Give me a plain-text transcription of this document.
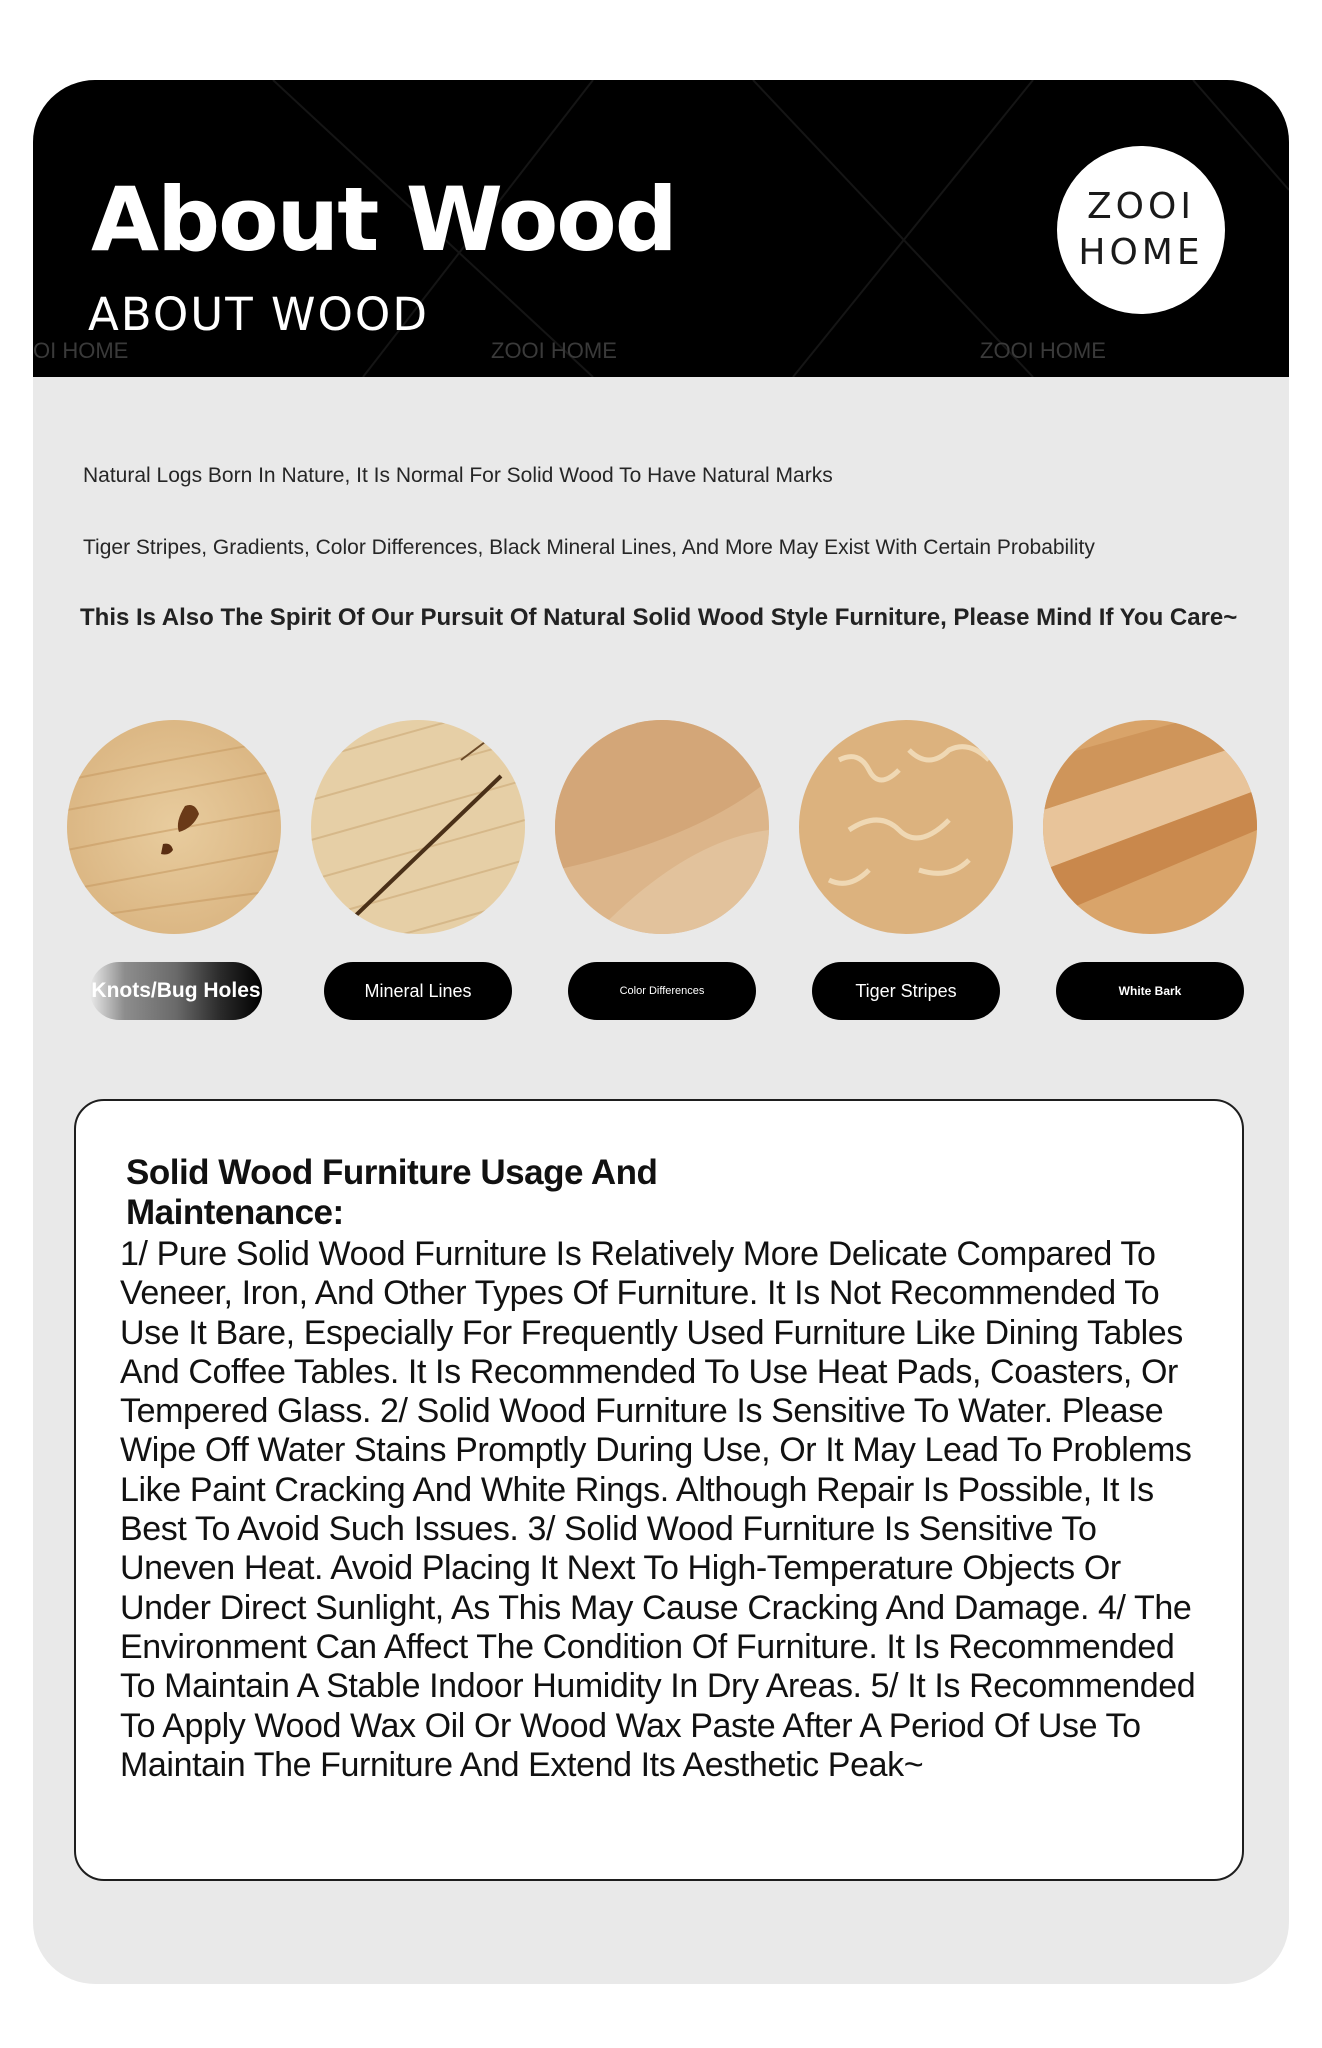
About Wood
ABOUT WOOD
OI HOME	ZOOI HOME	ZOOI HOME
ZOOI
HOME
Natural Logs Born In Nature, It Is Normal For Solid Wood To Have Natural Marks
Tiger Stripes, Gradients, Color Differences, Black Mineral Lines, And More May Exist With Certain Probability
This Is Also The Spirit Of Our Pursuit Of Natural Solid Wood Style Furniture, Please Mind If You Care~
Knots/Bug Holes	Mineral Lines	Color Differences	Tiger Stripes	White Bark
Solid Wood Furniture Usage And Maintenance:

1/ Pure Solid Wood Furniture Is Relatively More Delicate Compared To Veneer, Iron, And Other Types Of Furniture. It Is Not Recommended To Use It Bare, Especially For Frequently Used Furniture Like Dining Tables And Coffee Tables. It Is Recommended To Use Heat Pads, Coasters, Or Tempered Glass. 2/ Solid Wood Furniture Is Sensitive To Water. Please Wipe Off Water Stains Promptly During Use, Or It May Lead To Problems Like Paint Cracking And White Rings. Although Repair Is Possible, It Is Best To Avoid Such Issues. 3/ Solid Wood Furniture Is Sensitive To Uneven Heat. Avoid Placing It Next To High-Temperature Objects Or Under Direct Sunlight, As This May Cause Cracking And Damage. 4/ The Environment Can Affect The Condition Of Furniture. It Is Recommended To Maintain A Stable Indoor Humidity In Dry Areas. 5/ It Is Recommended To Apply Wood Wax Oil Or Wood Wax Paste After A Period Of Use To Maintain The Furniture And Extend Its Aesthetic Peak~
